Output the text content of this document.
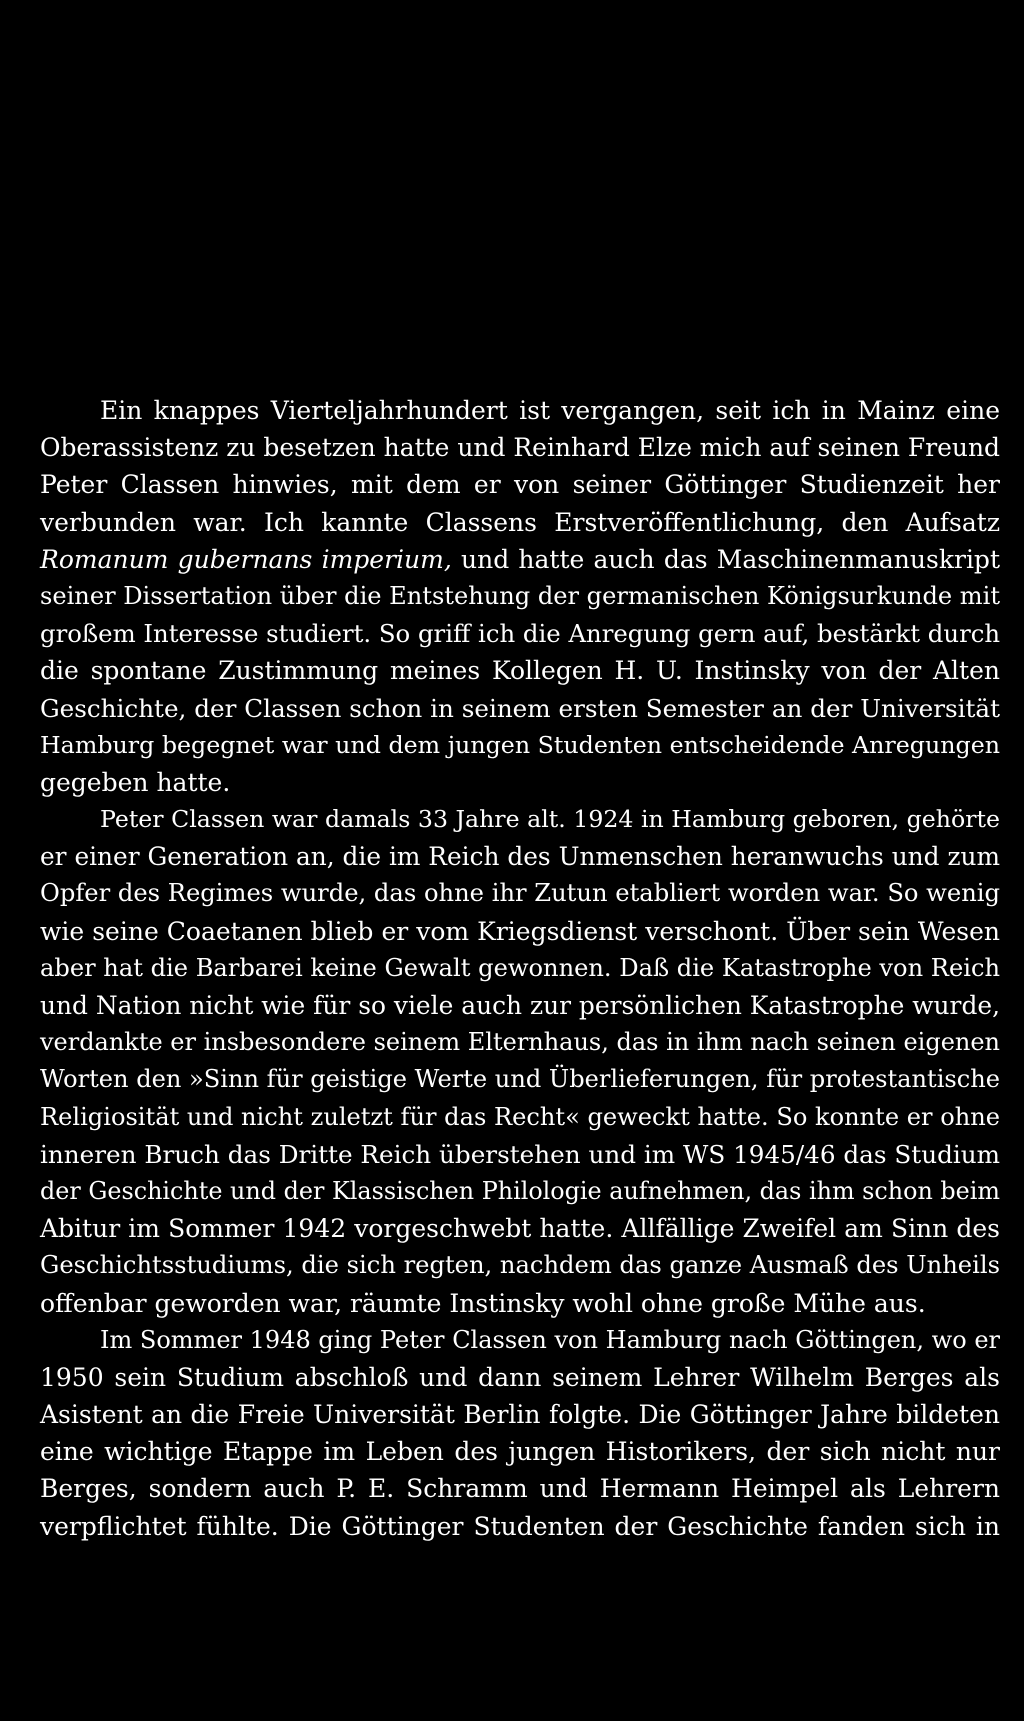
Ein knappes Vierteljahrhundert ist vergangen, seit ich in Mainz eine
Oberassistenz zu besetzen hatte und Reinhard Elze mich auf seinen Freund
Peter Classen hinwies, mit dem er von seiner Göttinger Studienzeit her
verbunden war. Ich kannte Classens Erstveröffentlichung, den Aufsatz
Romanum gubernans imperium, und hatte auch das Maschinenmanuskript
seiner Dissertation über die Entstehung der germanischen Königsurkunde mit
großem Interesse studiert. So griff ich die Anregung gern auf, bestärkt durch
die spontane Zustimmung meines Kollegen H. U. Instinsky von der Alten
Geschichte, der Classen schon in seinem ersten Semester an der Universität
Hamburg begegnet war und dem jungen Studenten entscheidende Anregungen
gegeben hatte.
Peter Classen war damals 33 Jahre alt. 1924 in Hamburg geboren, gehörte
er einer Generation an, die im Reich des Unmenschen heranwuchs und zum
Opfer des Regimes wurde, das ohne ihr Zutun etabliert worden war. So wenig
wie seine Coaetanen blieb er vom Kriegsdienst verschont. Über sein Wesen
aber hat die Barbarei keine Gewalt gewonnen. Daß die Katastrophe von Reich
und Nation nicht wie für so viele auch zur persönlichen Katastrophe wurde,
verdankte er insbesondere seinem Elternhaus, das in ihm nach seinen eigenen
Worten den »Sinn für geistige Werte und Überlieferungen, für protestantische
Religiosität und nicht zuletzt für das Recht« geweckt hatte. So konnte er ohne
inneren Bruch das Dritte Reich überstehen und im WS 1945/46 das Studium
der Geschichte und der Klassischen Philologie aufnehmen, das ihm schon beim
Abitur im Sommer 1942 vorgeschwebt hatte. Allfällige Zweifel am Sinn des
Geschichtsstudiums, die sich regten, nachdem das ganze Ausmaß des Unheils
offenbar geworden war, räumte Instinsky wohl ohne große Mühe aus.
Im Sommer 1948 ging Peter Classen von Hamburg nach Göttingen, wo er
1950 sein Studium abschloß und dann seinem Lehrer Wilhelm Berges als
Asistent an die Freie Universität Berlin folgte. Die Göttinger Jahre bildeten
eine wichtige Etappe im Leben des jungen Historikers, der sich nicht nur
Berges, sondern auch P. E. Schramm und Hermann Heimpel als Lehrern
verpflichtet fühlte. Die Göttinger Studenten der Geschichte fanden sich in
